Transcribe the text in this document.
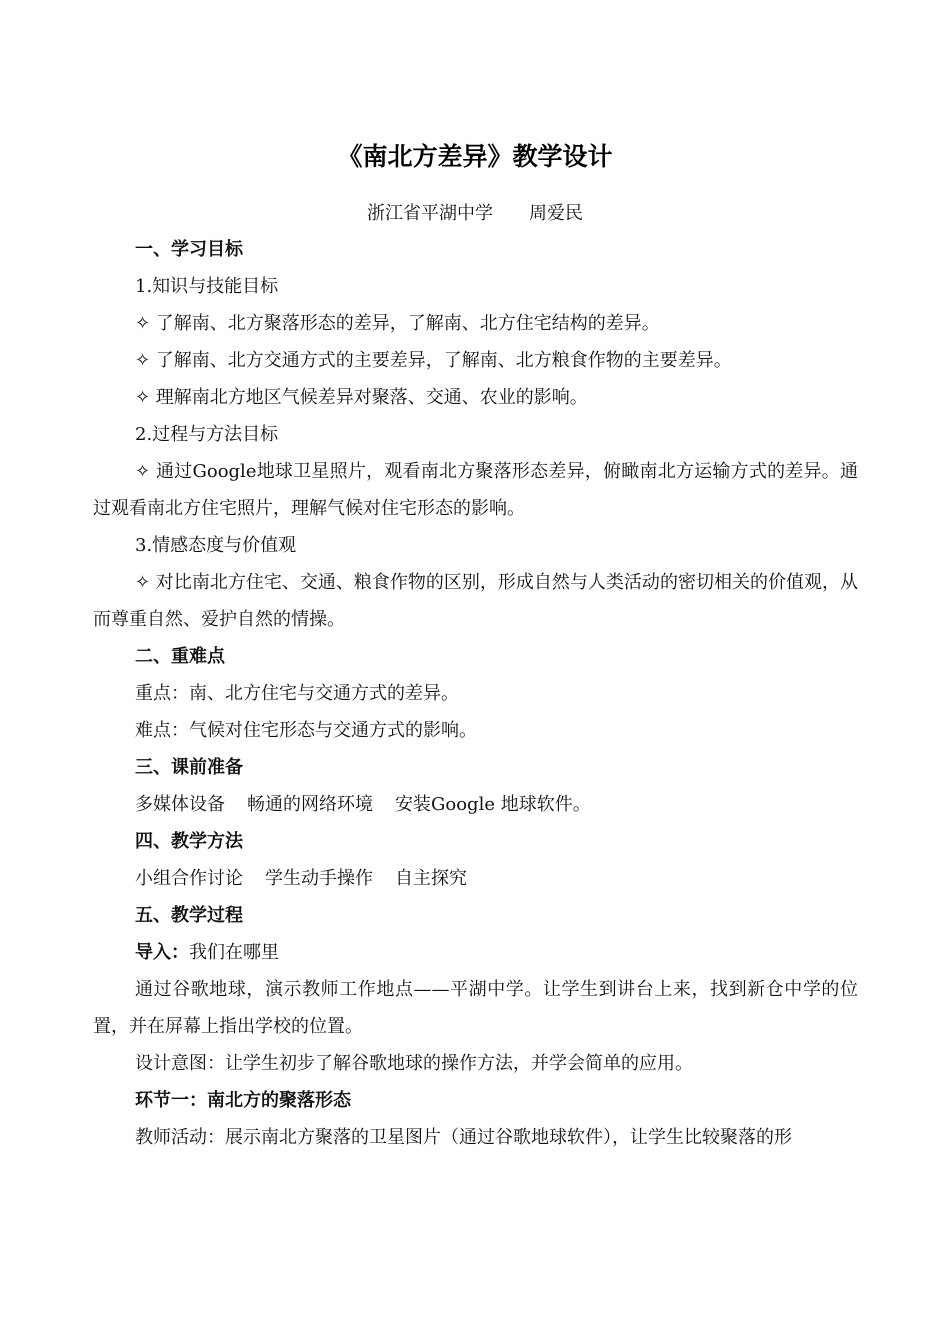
《南北方差异》教学设计
浙江省平湖中学 周爱民

一、学习目标

1.知识与技能目标

✧ 了解南、北方聚落形态的差异，了解南、北方住宅结构的差异。

✧ 了解南、北方交通方式的主要差异，了解南、北方粮食作物的主要差异。

✧ 理解南北方地区气候差异对聚落、交通、农业的影响。

2.过程与方法目标

✧ 通过Google地球卫星照片，观看南北方聚落形态差异，俯瞰南北方运输方式的差异。通过观看南北方住宅照片，理解气候对住宅形态的影响。

3.情感态度与价值观

✧ 对比南北方住宅、交通、粮食作物的区别，形成自然与人类活动的密切相关的价值观，从而尊重自然、爱护自然的情操。

二、重难点

重点：南、北方住宅与交通方式的差异。

难点：气候对住宅形态与交通方式的影响。

三、课前准备

多媒体设备 畅通的网络环境 安装Google 地球软件。

四、教学方法

小组合作讨论 学生动手操作 自主探究

五、教学过程

导入：我们在哪里

通过谷歌地球，演示教师工作地点——平湖中学。让学生到讲台上来，找到新仓中学的位置，并在屏幕上指出学校的位置。

设计意图：让学生初步了解谷歌地球的操作方法，并学会简单的应用。

环节一：南北方的聚落形态

教师活动：展示南北方聚落的卫星图片（通过谷歌地球软件），让学生比较聚落的形
